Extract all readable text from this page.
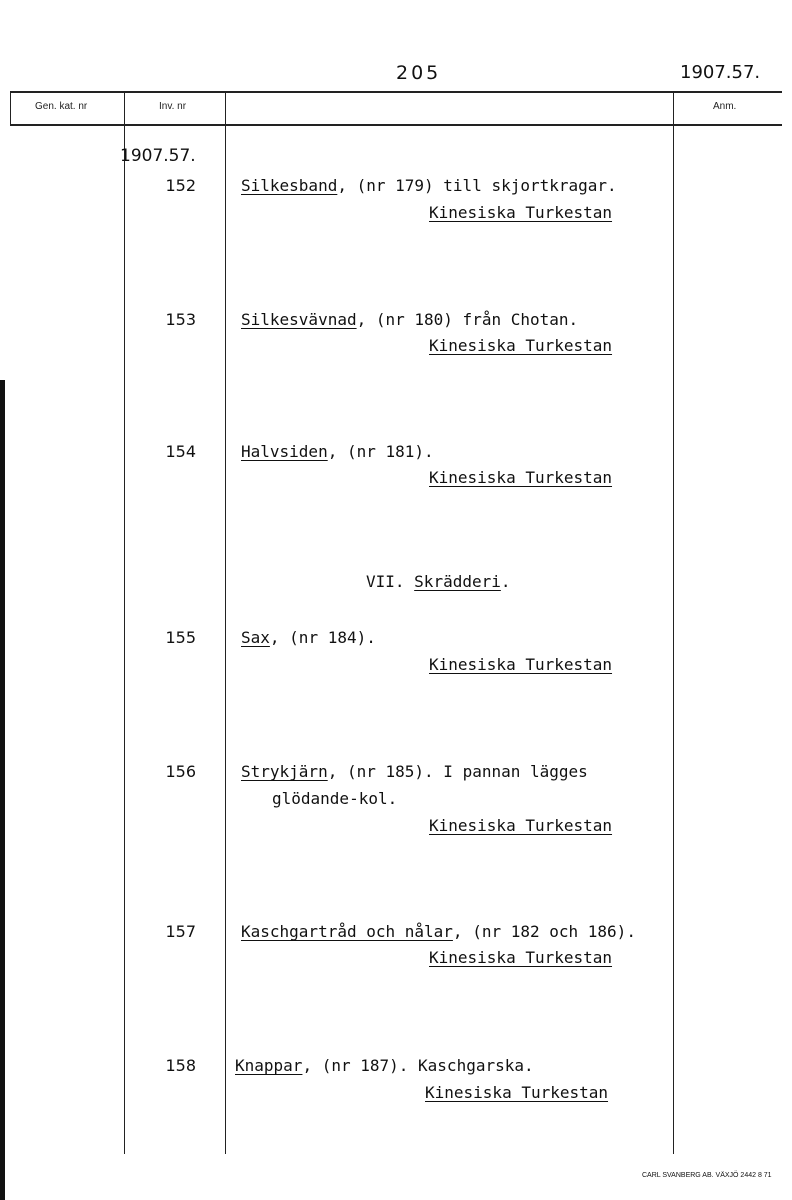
205	1907.57.
Gen. kat. nr	Inv. nr	Anm.
1907.57.
152	Silkesband, (nr 179) till skjortkragar.
Kinesiska Turkestan
153	Silkesvävnad, (nr 180) från Chotan.
Kinesiska Turkestan
154	Halvsiden, (nr 181).
Kinesiska Turkestan
VII. Skrädderi.
155	Sax, (nr 184).
Kinesiska Turkestan
156	Strykjärn, (nr 185). I pannan lägges
glödande-kol.
Kinesiska Turkestan
157	Kaschgartråd och nålar, (nr 182 och 186).
Kinesiska Turkestan
158 Knappar, (nr 187). Kaschgarska.
Kinesiska Turkestan
CARL SVANBERG AB. VÄXJÖ 2442 8 71
